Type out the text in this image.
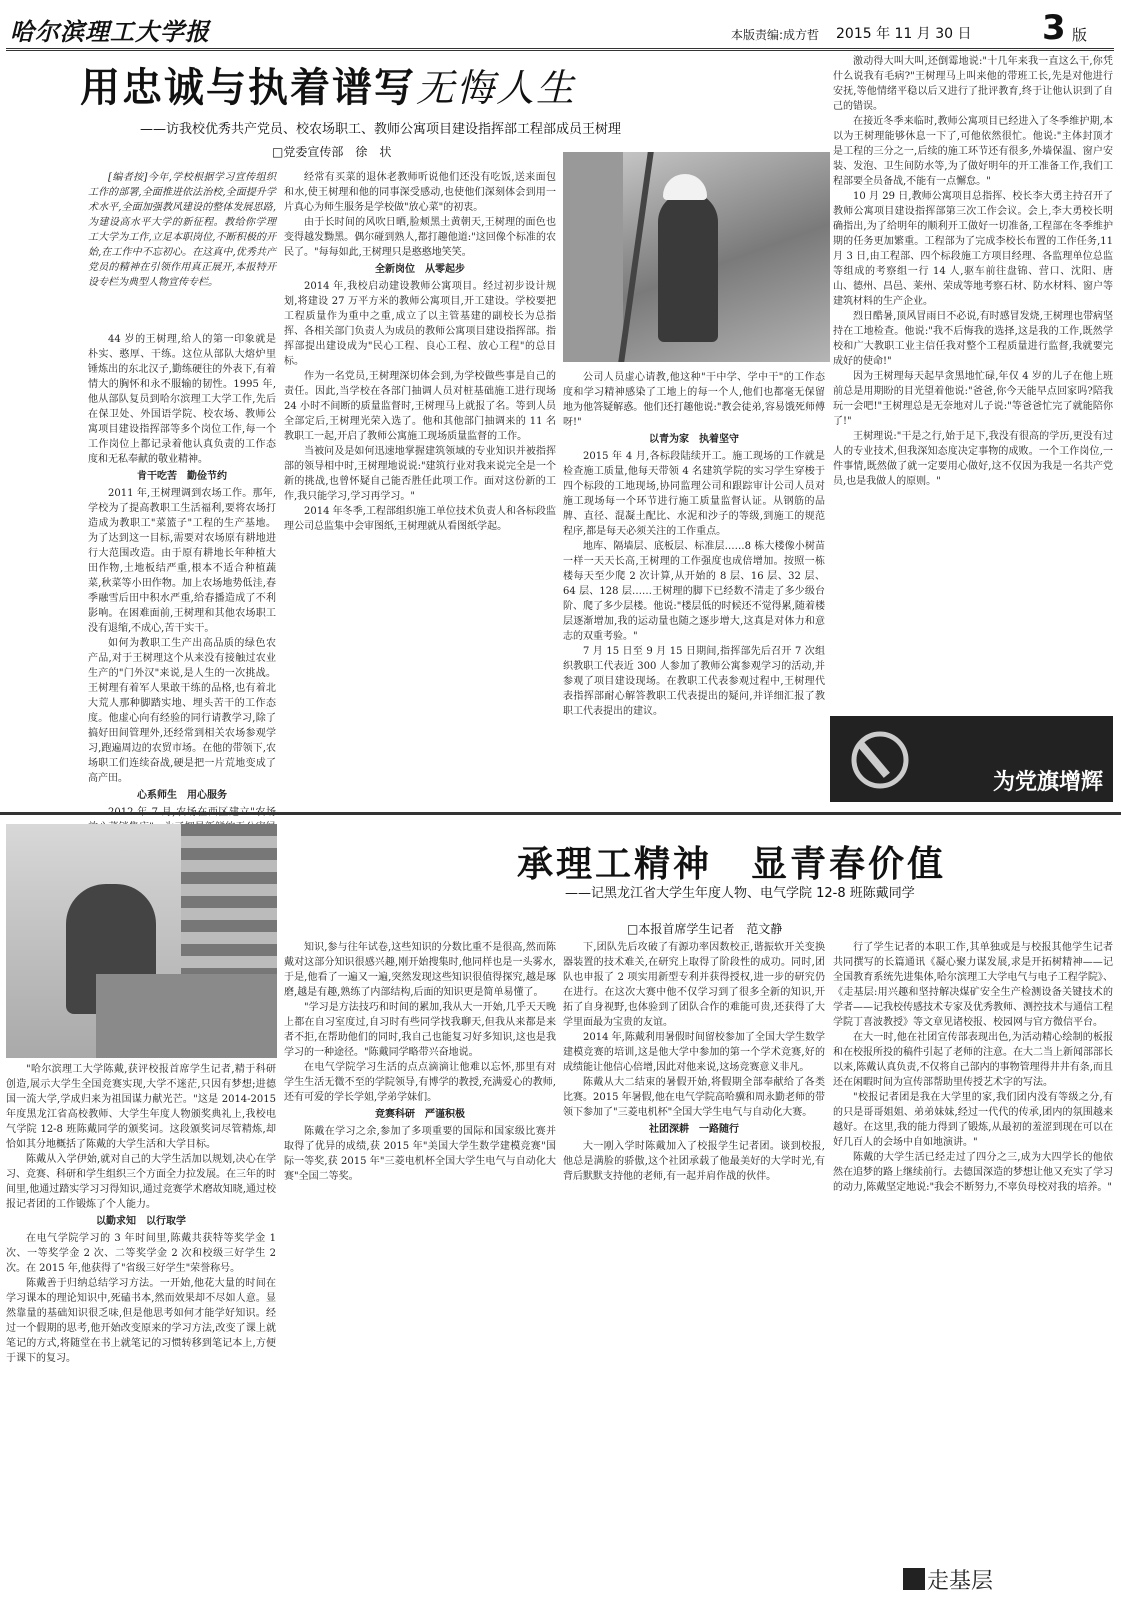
哈尔滨理工大学报	本版责编:成方哲 2015 年 11 月 30 日 3 版
用忠诚与执着谱写无悔人生
——访我校优秀共产党员、校农场职工、教师公寓项目建设指挥部工程部成员王树理
□党委宣传部　徐　状

[编者按]今年,学校根据学习宣传组织工作的部署,全面推进依法治校,全面提升学术水平,全面加强教风建设的整体发展思路,为建设高水平大学的新征程。教给你学理工大学为工作,立足本职岗位,不断积极的开始,在工作中不忘初心。在这真中,优秀共产党员的精神在引领作用真正展开,本报特开设专栏为典型人物宣传专栏。

44 岁的王树理,给人的第一印象就是朴实、憨厚、干练。这位从部队大熔炉里锤炼出的东北汉子,勤练硬往的外表下,有着情大的胸怀和永不服输的韧性。1995 年,他从部队复员到哈尔滨理工大学工作,先后在保卫处、外国语学院、校农场、教师公寓项目建设指挥部等多个岗位工作,每一个工作岗位上都记录着他认真负责的工作态度和无私奉献的敬业精神。

肯干吃苦　勤俭节约

2011 年,王树理调到农场工作。那年,学校为了提高教职工生活福利,要将农场打造成为教职工"菜篮子"工程的生产基地。为了达到这一目标,需要对农场原有耕地进行大范围改造。由于原有耕地长年种植大田作物,土地板结严重,根本不适合种植蔬菜,秋菜等小田作物。加上农场地势低洼,春季融雪后田中积水严重,给春播造成了不利影响。在困难面前,王树理和其他农场职工没有退缩,不成心,苦干实干。

如何为教职工生产出高品质的绿色农产品,对于王树理这个从来没有接触过农业生产的"门外汉"来说,是人生的一次挑战。王树理有着军人果敢干练的品格,也有着北大荒人那种脚踏实地、埋头苦干的工作态度。他虚心向有经验的同行请教学习,除了搞好田间管理外,还经常到相关农场参观学习,跑遍周边的农贸市场。在他的带领下,农场职工们连续奋战,硬是把一片荒地变成了高产田。

心系师生　用心服务

经常有买菜的退休老教师听说他们还没有吃饭,送来面包和水,使王树理和他的同事深受感动,也使他们深刻体会到用一片真心为师生服务是学校做"放心菜"的初衷。

由于长时间的风吹日晒,脸颊黑土黄朝天,王树理的面色也变得越发黝黑。偶尔碰到熟人,都打趣他道:"这回像个标准的农民了。"每每如此,王树理只是憨憨地笑笑。

全新岗位　从零起步

2014 年,我校启动建设教师公寓项目。经过初步设计规划,将建设 27 万平方米的教师公寓项目,开工建设。学校要把工程质量作为重中之重,成立了以主管基建的副校长为总指挥、各相关部门负责人为成员的教师公寓项目建设指挥部。指挥部提出建设成为"民心工程、良心工程、放心工程"的总目标。

作为一名党员,王树理深切体会到,为学校做些事是自己的责任。因此,当学校在各部门抽调人员对桩基础施工进行现场 24 小时不间断的质量监督时,王树理马上就报了名。等到人员全部定后,王树理光荣入选了。他和其他部门抽调来的 11 名教职工一起,开启了教师公寓施工现场质量监督的工作。

当被问及是如何迅速地掌握建筑领域的专业知识并被指挥部的领导相中时,王树理地说说:"建筑行业对我来说完全是一个新的挑战,也曾怀疑自己能否胜任此项工作。面对这份新的工作,我只能学习,学习再学习。"

2014 年冬季,工程部组织施工单位技术负责人和各标段监理公司总监集中会审图纸,王树理就从看图纸学起。

公司人员虚心请教,他这种"干中学、学中干"的工作态度和学习精神感染了工地上的每一个人,他们也都毫无保留地为他答疑解惑。他们还打趣他说:"教会徒弟,容易饿死师傅呀!"

以青为家　执着坚守

2015 年 4 月,各标段陆续开工。施工现场的工作就是检查施工质量,他每天带领 4 名建筑学院的实习学生穿梭于四个标段的工地现场,协同监理公司和跟踪审计公司人员对施工现场每一个环节进行施工质量监督认证。从钢筋的品牌、直径、混凝土配比、水泥和沙子的等级,到施工的规范程序,都是每天必须关注的工作重点。

地库、隔墙层、底板层、标准层……8 栋大楼像小树苗一样一天天长高,王树理的工作强度也成倍增加。按照一栋楼每天至少爬 2 次计算,从开始的 8 层、16 层、32 层、64 层、128 层……王树理的脚下已经数不清走了多少级台阶、爬了多少层楼。他说:"楼层低的时候还不觉得累,随着楼层逐渐增加,我的运动量也随之逐步增大,这真是对体力和意志的双重考验。"

7 月 15 日至 9 月 15 日期间,指挥部先后召开 7 次组织教职工代表近 300 人参加了教师公寓参观学习的活动,并参观了项目建设现场。在教职工代表参观过程中,王树理代表指挥部耐心解答教职工代表提出的疑问,并详细汇报了教职工代表提出的建议。

激动得大叫大叫,还倒霉地说:"十几年来我一直这么干,你凭什么说我有毛病?"王树理马上叫来他的带班工长,先是对他进行安抚,等他情绪平稳以后又进行了批评教育,终于让他认识到了自己的错误。

在接近冬季来临时,教师公寓项目已经进入了冬季维护期,本以为王树理能够休息一下了,可他依然很忙。他说:"主体封顶才是工程的三分之一,后续的施工环节还有很多,外墙保温、窗户安装、发泡、卫生间防水等,为了做好明年的开工准备工作,我们工程部要全员备战,不能有一点懈怠。"

10 月 29 日,教师公寓项目总指挥、校长李大勇主持召开了教师公寓项目建设指挥部第三次工作会议。会上,李大勇校长明确指出,为了给明年的顺利开工做好一切准备,工程部在冬季维护期的任务更加繁重。工程部为了完成李校长布置的工作任务,11 月 3 日,由工程部、四个标段施工方项目经理、各监理单位总监等组成的考察组一行 14 人,驱车前往盘锦、营口、沈阳、唐山、德州、昌邑、莱州、荣成等地考察石材、防水材料、窗户等建筑材料的生产企业。

烈日酷暑,顶风冒雨日不必说,有时感冒发烧,王树理也带病坚持在工地检查。他说:"我不后悔我的选择,这是我的工作,既然学校和广大教职工业主信任我对整个工程质量进行监督,我就要完成好的使命!"

因为王树理每天起早贪黑地忙碌,年仅 4 岁的儿子在他上班前总是用期盼的目光望着他说:"爸爸,你今天能早点回家吗?陪我玩一会吧!"王树理总是无奈地对儿子说:"等爸爸忙完了就能陪你了!"

王树理说:"干是之行,始于足下,我没有很高的学历,更没有过人的专业技术,但我深知态度决定事物的成败。一个工作岗位,一件事情,既然做了就一定要用心做好,这不仅因为我是一名共产党员,也是我做人的原则。"

为党旗增辉
承理工精神　显青春价值
——记黑龙江省大学生年度人物、电气学院 12-8 班陈戴同学
□本报首席学生记者　范文静

"哈尔滨理工大学陈戴,获评校报首席学生记者,精于科研创造,展示大学生全国竞赛实现,大学不迷茫,只因有梦想;进德国一流大学,学成归来为祖国谋力献光芒。"这是 2014-2015 年度黑龙江省高校教师、大学生年度人物颁奖典礼上,我校电气学院 12-8 班陈戴同学的颁奖词。这段颁奖词尽管精炼,却恰如其分地概括了陈戴的大学生活和大学目标。

陈戴从入学伊始,就对自己的大学生活加以规划,决心在学习、竞赛、科研和学生组织三个方面全力拉发展。在三年的时间里,他通过踏实学习习得知识,通过竞赛学术磨故知晓,通过校报记者团的工作锻炼了个人能力。

以勤求知　以行取学

在电气学院学习的 3 年时间里,陈戴共获特等奖学金 1 次、一等奖学金 2 次、二等奖学金 2 次和校级三好学生 2 次。在 2015 年,他获得了"省级三好学生"荣誉称号。

陈戴善于归纳总结学习方法。一开始,他花大量的时间在学习课本的理论知识中,死磕书本,然而效果却不尽如人意。显然靠量的基础知识很乏味,但是他思考如何才能学好知识。经过一个假期的思考,他开始改变原来的学习方法,改变了课上就笔记的方式,将随堂在书上就笔记的习惯转移到笔记本上,方便于课下的复习。

知识,参与往年试卷,这些知识的分数比重不是很高,然而陈戴对这部分知识很感兴趣,刚开始搜集时,他同样也是一头雾水,于是,他看了一遍又一遍,突然发现这些知识很值得探究,越是琢磨,越是有趣,熟练了内部结构,后面的知识更是简单易懂了。

"学习是方法技巧和时间的累加,我从大一开始,几乎天天晚上都在自习室度过,自习时有些同学找我聊天,但我从来都是来者不拒,在帮助他们的同时,我自己也能复习好多知识,这也是我学习的一种途径。"陈戴同学略带兴奋地说。

在电气学院学习生活的点点滴滴让他难以忘怀,那里有对学生生活无微不至的学院领导,有博学的教授,充满爱心的教师,还有可爱的学长学姐,学弟学妹们。

竞赛科研　严谨积极

陈戴在学习之余,参加了多项重要的国际和国家级比赛并取得了优异的成绩,获 2015 年"美国大学生数学建模竞赛"国际一等奖,获 2015 年"三菱电机杯全国大学生电气与自动化大赛"全国二等奖。

下,团队先后攻破了有源功率因数校正,谐振软开关变换器装置的技术难关,在研究上取得了阶段性的成功。同时,团队也申报了 2 项实用新型专利并获得授权,进一步的研究仍在进行。在这次大赛中他不仅学习到了很多全新的知识,开拓了自身视野,也体验到了团队合作的难能可贵,还获得了大学里面最为宝贵的友谊。

2014 年,陈戴利用暑假时间留校参加了全国大学生数学建模竞赛的培训,这是他大学中参加的第一个学术竞赛,好的成绩能让他信心倍增,因此对他来说,这场竞赛意义非凡。

陈戴从大二结束的暑假开始,将假期全部奉献给了各类比赛。2015 年暑假,他在电气学院高哈骥和周永勤老师的带领下参加了"三菱电机杯"全国大学生电气与自动化大赛。

社团深耕　一路随行

大一刚入学时陈戴加入了校报学生记者团。谈到校报,他总是满脸的骄傲,这个社团承载了他最美好的大学时光,有背后默默支持他的老师,有一起并肩作战的伙伴。

行了学生记者的本职工作,其单独或是与校报其他学生记者共同撰写的长篇通讯《凝心聚力谋发展,求是开拓树精神——记全国教育系统先进集体,哈尔滨理工大学电气与电子工程学院》、《走基层:用兴趣和坚持解决煤矿安全生产检测设备关键技术的学者——记我校传感技术专家及优秀教师、测控技术与通信工程学院丁喜波教授》等文章见诸校报、校园网与官方微信平台。

在大一时,他在社团宣传部表现出色,为活动精心绘制的板报和在校报所投的稿件引起了老师的注意。在大二当上新闻部部长以来,陈戴认真负责,不仅将自己部内的事物管理得井井有条,而且还在闲暇时间为宣传部帮助里传授艺术字的写法。

"校报记者团是我在大学里的家,我们团内没有等级之分,有的只是哥哥姐姐、弟弟妹妹,经过一代代的传承,团内的氛围越来越好。在这里,我的能力得到了锻炼,从最初的羞涩到现在可以在好几百人的会场中自如地演讲。"

陈戴的大学生活已经走过了四分之三,成为大四学长的他依然在追梦的路上继续前行。去德国深造的梦想让他又充实了学习的动力,陈戴坚定地说:"我会不断努力,不辜负母校对我的培养。"

走基层
